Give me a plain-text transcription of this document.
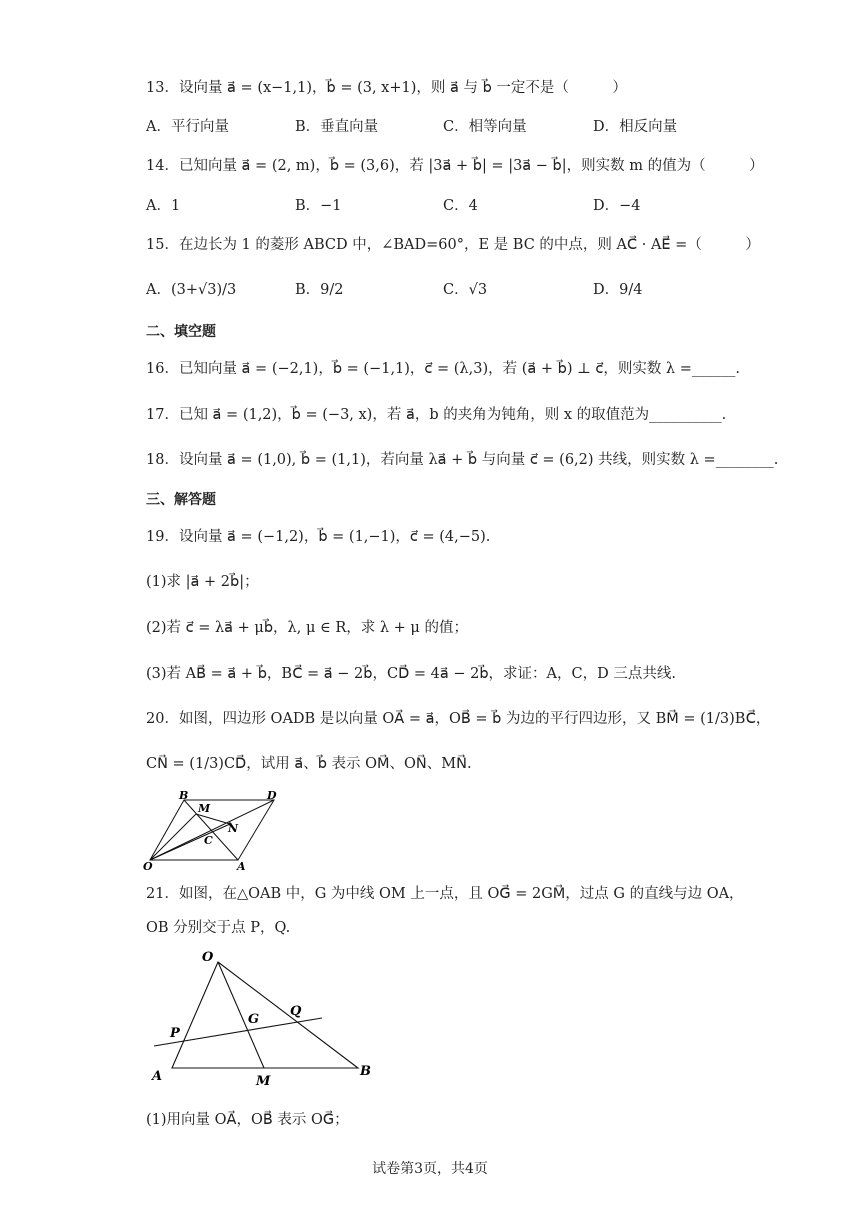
13．设向量 a⃗ = (x−1,1)，b⃗ = (3, x+1)，则 a⃗ 与 b⃗ 一定不是（　　　）
A．平行向量	B．垂直向量	C．相等向量	D．相反向量
14．已知向量 a⃗ = (2, m)，b⃗ = (3,6)，若 |3a⃗ + b⃗| = |3a⃗ − b⃗|，则实数 m 的值为（　　　）
A．1	B．−1	C．4	D．−4
15．在边长为 1 的菱形 ABCD 中，∠BAD=60°，E 是 BC 的中点，则 AC⃗ · AE⃗ =（　　　）
A．(3+√3)/3	B．9/2	C．√3	D．9/4
二、填空题
16．已知向量 a⃗ = (−2,1)，b⃗ = (−1,1)，c⃗ = (λ,3)，若 (a⃗ + b⃗) ⊥ c⃗，则实数 λ =______.
17．已知 a⃗ = (1,2)，b⃗ = (−3, x)，若 a⃗，b 的夹角为钝角，则 x 的取值范为__________.
18．设向量 a⃗ = (1,0), b⃗ = (1,1)，若向量 λa⃗ + b⃗ 与向量 c⃗ = (6,2) 共线，则实数 λ =________.
三、解答题
19．设向量 a⃗ = (−1,2)，b⃗ = (1,−1)，c⃗ = (4,−5).
(1)求 |a⃗ + 2b⃗|；
(2)若 c⃗ = λa⃗ + μb⃗，λ, μ ∈ R，求 λ + μ 的值；
(3)若 AB⃗ = a⃗ + b⃗，BC⃗ = a⃗ − 2b⃗，CD⃗ = 4a⃗ − 2b⃗，求证：A，C，D 三点共线.
20．如图，四边形 OADB 是以向量 OA⃗ = a⃗，OB⃗ = b⃗ 为边的平行四边形，又 BM⃗ = (1/3)BC⃗，
CN⃗ = (1/3)CD⃗，试用 a⃗、b⃗ 表示 OM⃗、ON⃗、MN⃗.
B	D
M
N
C
O	A
21．如图，在△OAB 中，G 为中线 OM 上一点，且 OG⃗ = 2GM⃗，过点 G 的直线与边 OA，
OB 分别交于点 P，Q.
O
P
G
Q
A	M
B
(1)用向量 OA⃗，OB⃗ 表示 OG⃗；
试卷第3页，共4页
